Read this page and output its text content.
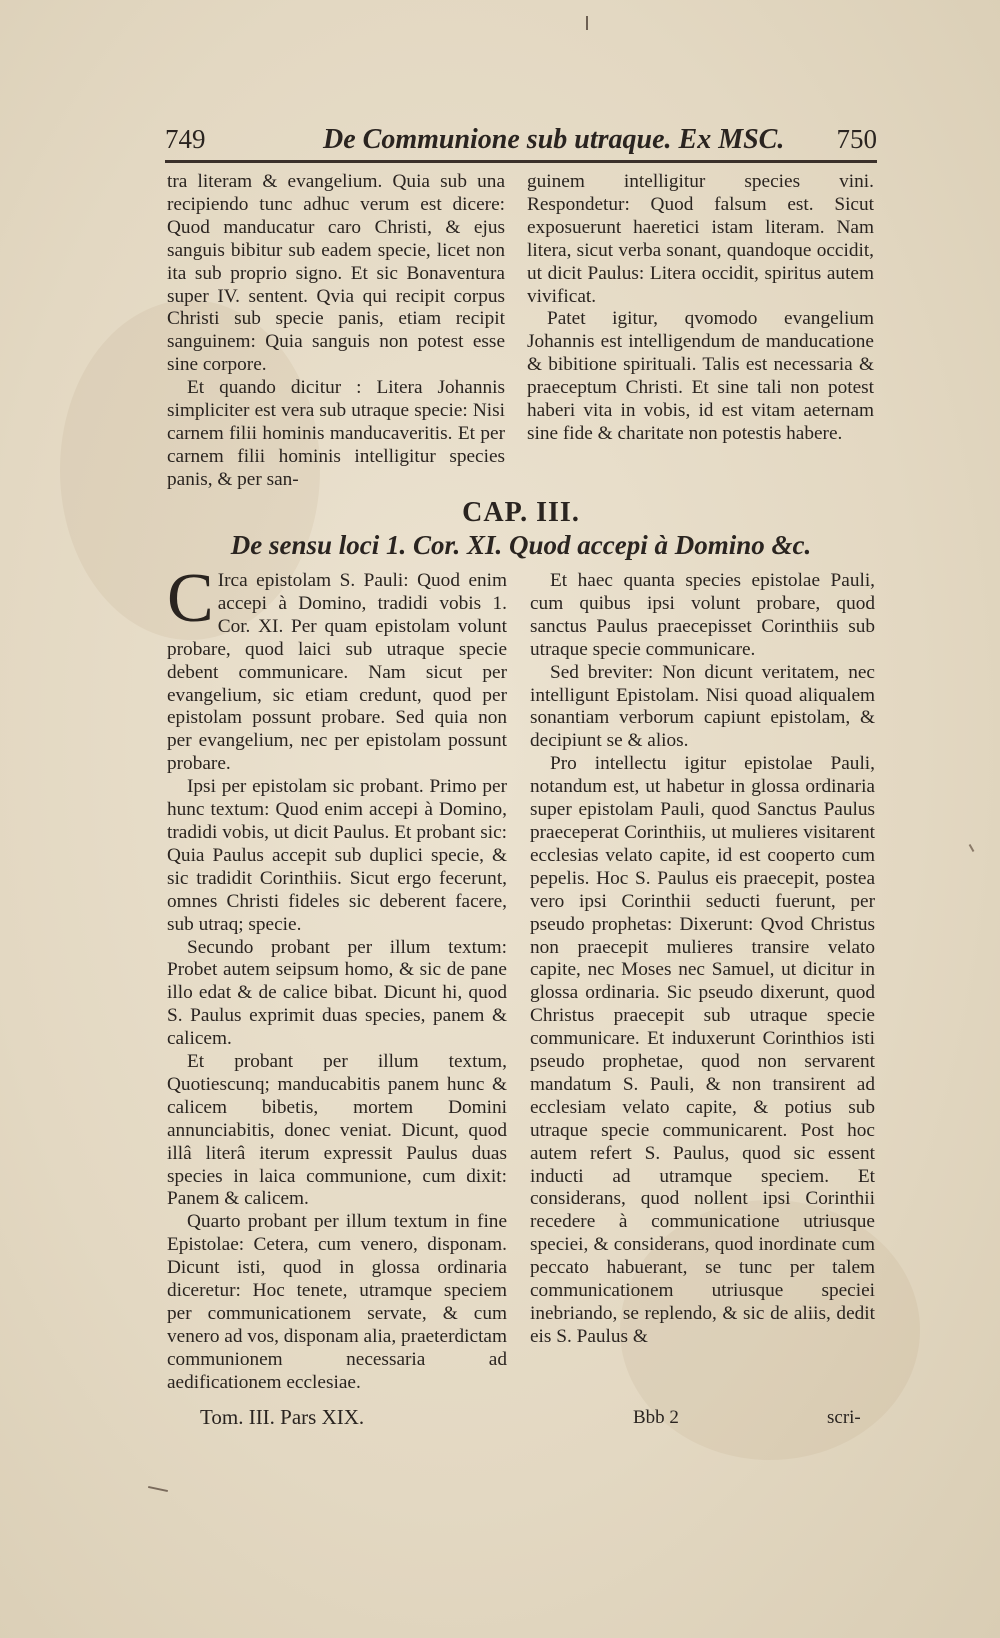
749	De Communione sub utraque. Ex MSC. 750

tra literam & evangelium. Quia sub una recipiendo tunc adhuc verum est dicere: Quod manducatur caro Christi, & ejus sanguis bibitur sub eadem specie, licet non ita sub proprio signo. Et sic Bonaventura super IV. sentent. Qvia qui recipit corpus Christi sub specie panis, etiam recipit sanguinem: Quia sanguis non potest esse sine corpore.

Et quando dicitur : Litera Johannis simpliciter est vera sub utraque specie: Nisi carnem filii hominis manducaveritis. Et per carnem filii hominis intelligitur species panis, & per san-

guinem intelligitur species vini. Respondetur: Quod falsum est. Sicut exposuerunt haeretici istam literam. Nam litera, sicut verba sonant, quandoque occidit, ut dicit Paulus: Litera occidit, spiritus autem vivificat.

Patet igitur, qvomodo evangelium Johannis est intelligendum de manducatione & bibitione spirituali. Talis est necessaria & praeceptum Christi. Et sine tali non potest haberi vita in vobis, id est vitam aeternam sine fide & charitate non potestis habere.

CAP. III.
De sensu loci 1. Cor. XI. Quod accepi à Domino &c.

C Irca epistolam S. Pauli: Quod enim accepi à Domino, tradidi vobis 1. Cor. XI. Per quam epistolam volunt probare, quod laici sub utraque specie debent communicare. Nam sicut per evangelium, sic etiam credunt, quod per epistolam possunt probare. Sed quia non per evangelium, nec per epistolam possunt probare.

Ipsi per epistolam sic probant. Primo per hunc textum: Quod enim accepi à Domino, tradidi vobis, ut dicit Paulus. Et probant sic: Quia Paulus accepit sub duplici specie, & sic tradidit Corinthiis. Sicut ergo fecerunt, omnes Christi fideles sic deberent facere, sub utraq; specie.

Secundo probant per illum textum: Probet autem seipsum homo, & sic de pane illo edat & de calice bibat. Dicunt hi, quod S. Paulus exprimit duas species, panem & calicem.

Et probant per illum textum, Quotiescunq; manducabitis panem hunc & calicem bibetis, mortem Domini annunciabitis, donec veniat. Dicunt, quod illâ literâ iterum expressit Paulus duas species in laica communione, cum dixit: Panem & calicem.

Quarto probant per illum textum in fine Epistolae: Cetera, cum venero, disponam. Dicunt isti, quod in glossa ordinaria diceretur: Hoc tenete, utramque speciem per communicationem servate, & cum venero ad vos, disponam alia, praeterdictam communionem necessaria ad aedificationem ecclesiae.

Et haec quanta species epistolae Pauli, cum quibus ipsi volunt probare, quod sanctus Paulus praecepisset Corinthiis sub utraque specie communicare.

Sed breviter: Non dicunt veritatem, nec intelligunt Epistolam. Nisi quoad aliqualem sonantiam verborum capiunt epistolam, & decipiunt se & alios.

Pro intellectu igitur epistolae Pauli, notandum est, ut habetur in glossa ordinaria super epistolam Pauli, quod Sanctus Paulus praeceperat Corinthiis, ut mulieres visitarent ecclesias velato capite, id est cooperto cum pepelis. Hoc S. Paulus eis praecepit, postea vero ipsi Corinthii seducti fuerunt, per pseudo prophetas: Dixerunt: Qvod Christus non praecepit mulieres transire velato capite, nec Moses nec Samuel, ut dicitur in glossa ordinaria. Sic pseudo dixerunt, quod Christus praecepit sub utraque specie communicare. Et induxerunt Corinthios isti pseudo prophetae, quod non servarent mandatum S. Pauli, & non transirent ad ecclesiam velato capite, & potius sub utraque specie communicarent. Post hoc autem refert S. Paulus, quod sic essent inducti ad utramque speciem. Et considerans, quod nollent ipsi Corinthii recedere à communicatione utriusque speciei, & considerans, quod inordinate cum peccato habuerant, se tunc per talem communicationem utriusque speciei inebriando, se replendo, & sic de aliis, dedit eis S. Paulus &

Tom. III. Pars XIX.	Bbb 2	scri-
